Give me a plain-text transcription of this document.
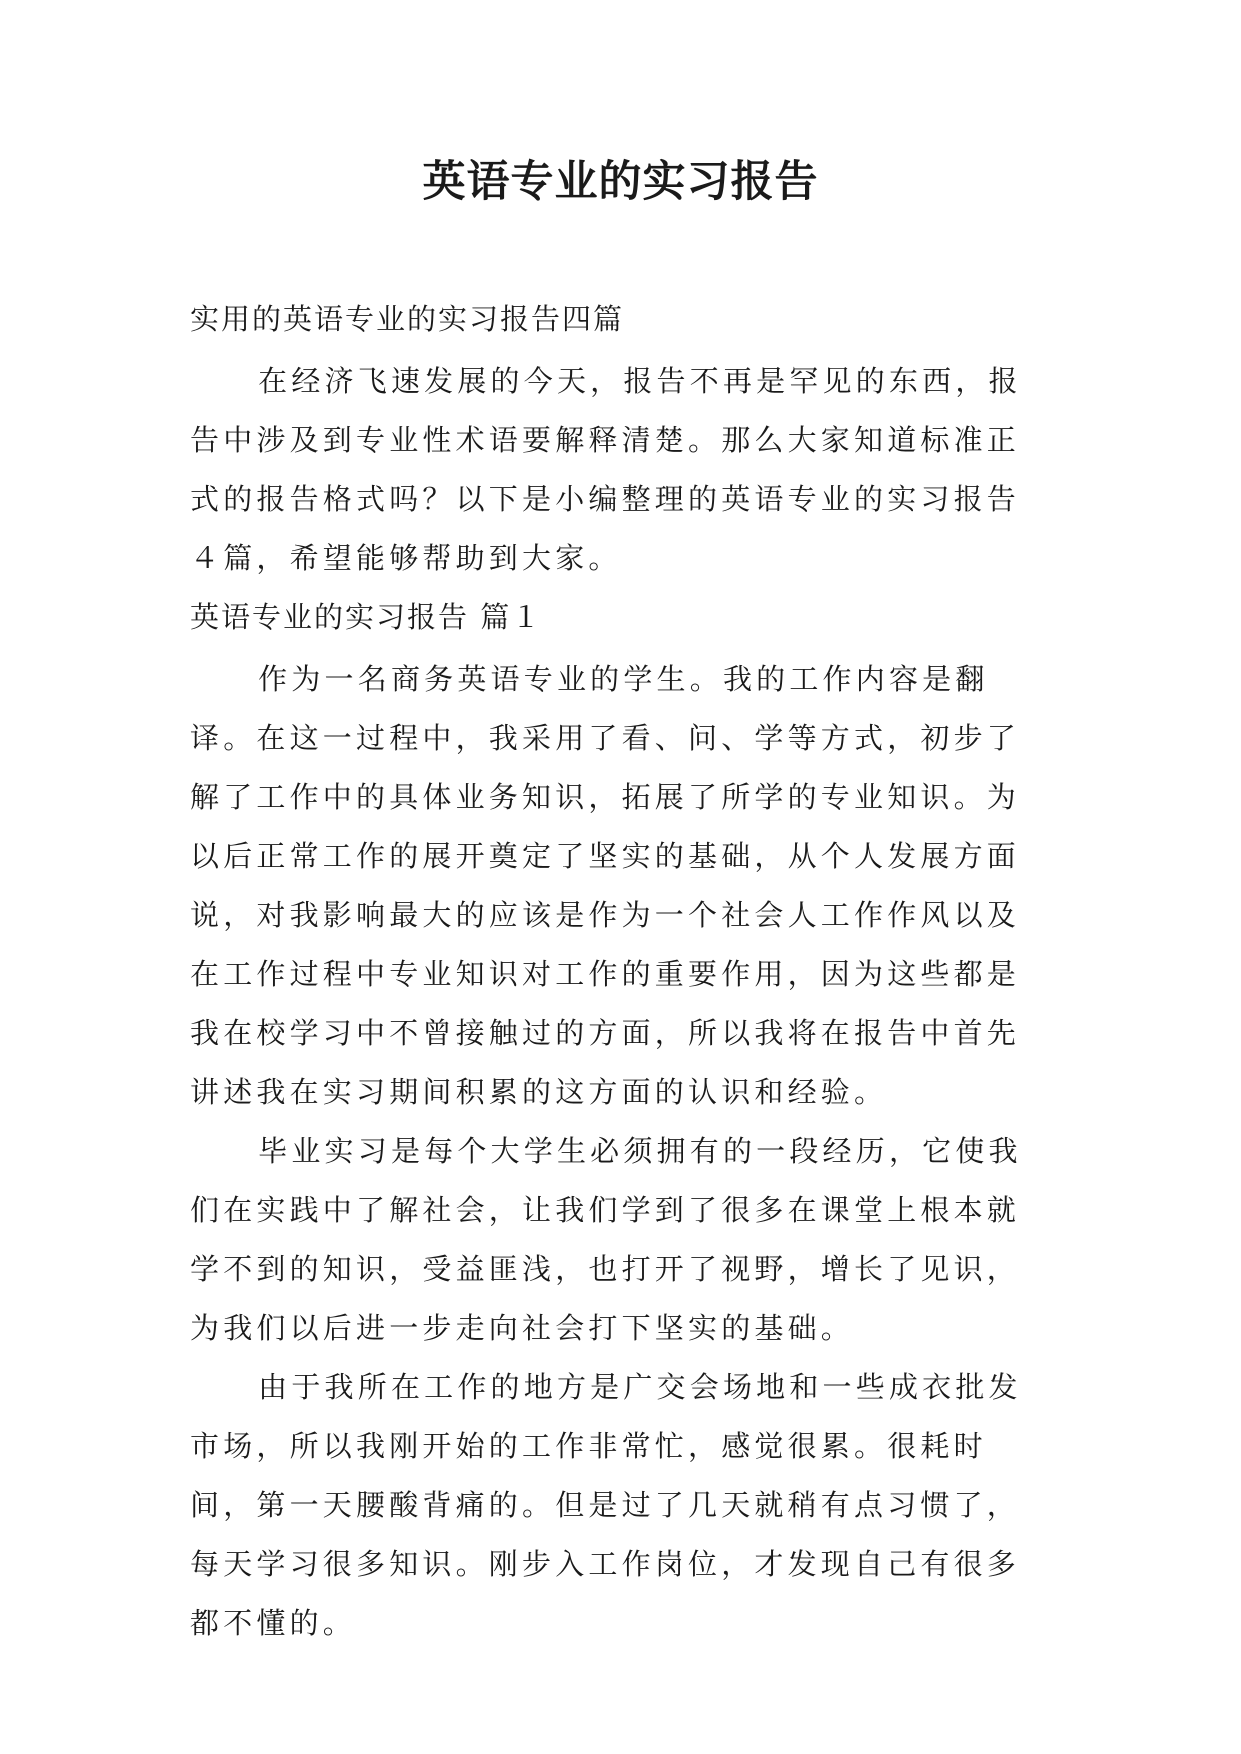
英语专业的实习报告

实用的英语专业的实习报告四篇

在经济飞速发展的今天，报告不再是罕见的东西，报告中涉及到专业性术语要解释清楚。那么大家知道标准正式的报告格式吗？以下是小编整理的英语专业的实习报告４篇，希望能够帮助到大家。

英语专业的实习报告 篇１

作为一名商务英语专业的学生。我的工作内容是翻译。在这一过程中，我采用了看、问、学等方式，初步了解了工作中的具体业务知识，拓展了所学的专业知识。为以后正常工作的展开奠定了坚实的基础，从个人发展方面说，对我影响最大的应该是作为一个社会人工作作风以及在工作过程中专业知识对工作的重要作用，因为这些都是我在校学习中不曾接触过的方面，所以我将在报告中首先讲述我在实习期间积累的这方面的认识和经验。

毕业实习是每个大学生必须拥有的一段经历，它使我们在实践中了解社会，让我们学到了很多在课堂上根本就学不到的知识，受益匪浅，也打开了视野，增长了见识，为我们以后进一步走向社会打下坚实的基础。

由于我所在工作的地方是广交会场地和一些成衣批发市场，所以我刚开始的工作非常忙，感觉很累。很耗时间，第一天腰酸背痛的。但是过了几天就稍有点习惯了，每天学习很多知识。刚步入工作岗位，才发现自己有很多都不懂的。
